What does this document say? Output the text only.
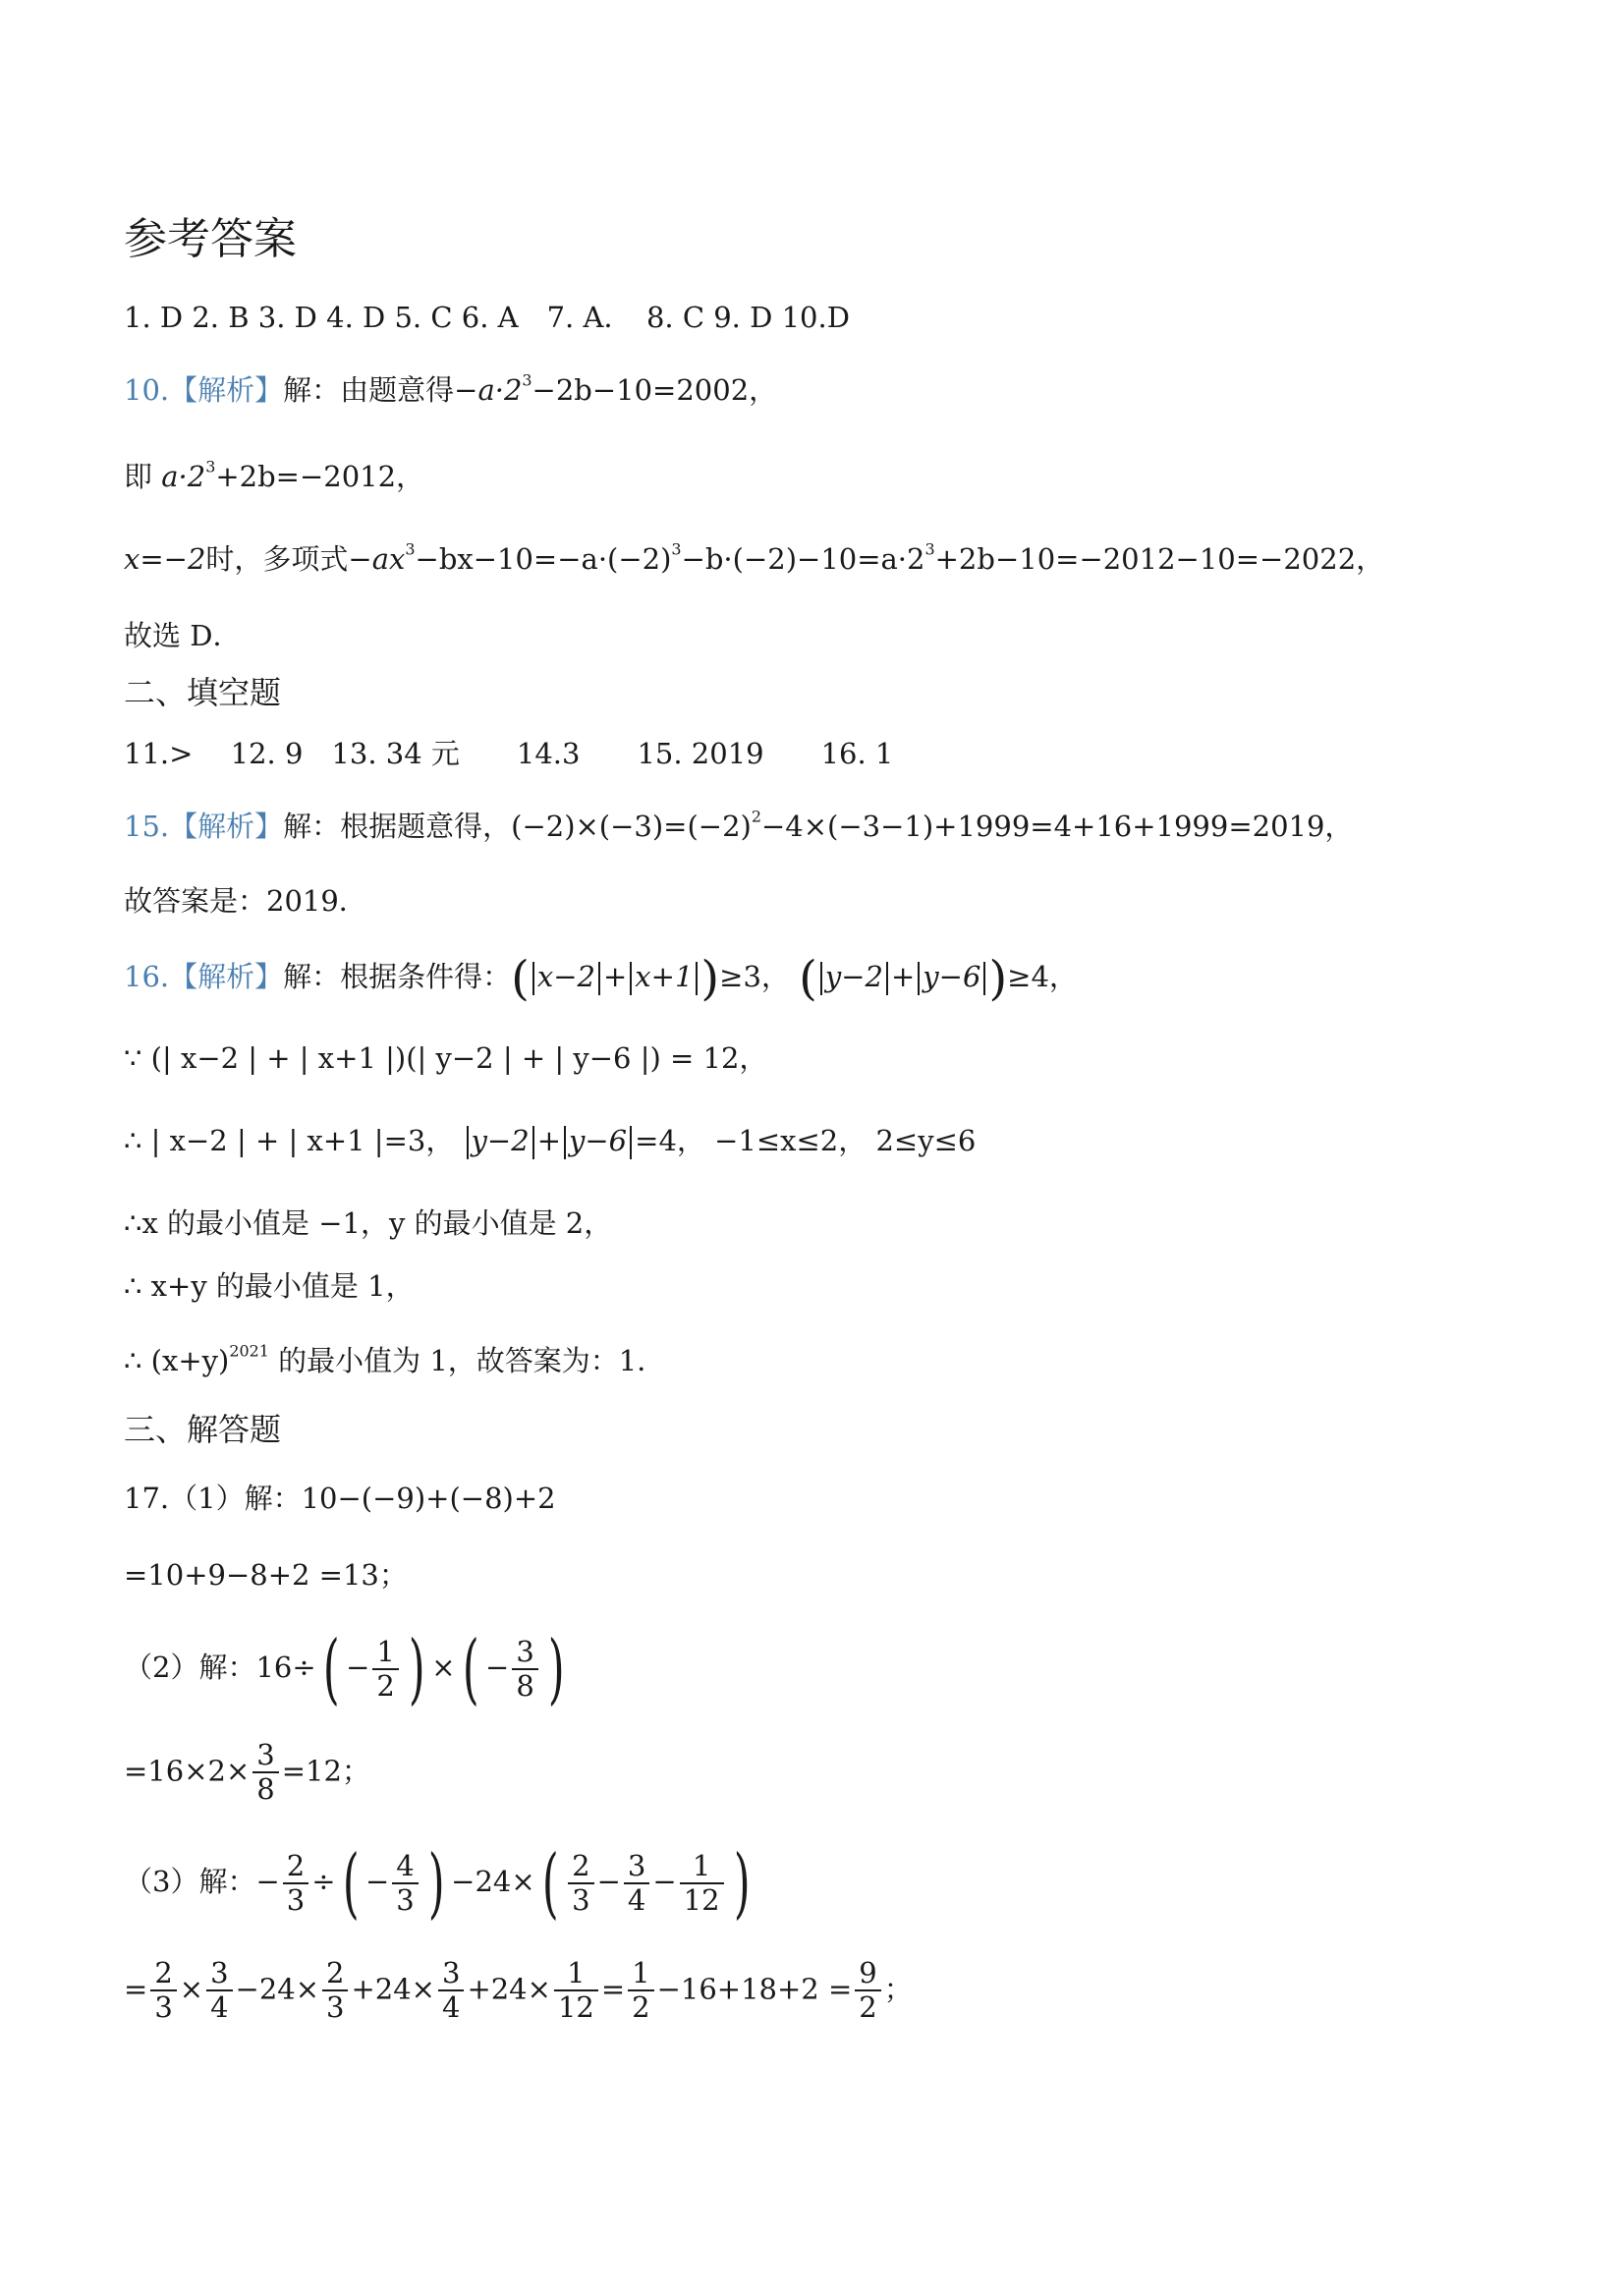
参考答案
1. D 2. B 3. D 4. D 5. C 6. A　7. A．　8. C 9. D 10.D
10.【解析】解：由题意得$-a\cdot 2^3-2b-10=2002$，
即 $a\cdot 2^3+2b=-2012$，
x=−2时，多项式$-ax^3-bx-10=-a\cdot(-2)^3-b\cdot(-2)-10=a\cdot 2^3+2b-10=-2012-10=-2022$，
故选 D．
二、填空题
11.>　 12. 9　13. 34 元　　14.3　　15. 2019　　16. 1
15.【解析】解：根据题意得，$(-2)\times(-3)=(-2)^2-4\times(-3-1)+1999=4+16+1999=2019$，
故答案是：2019．
16.【解析】解：根据条件得：( x−2 + x+1 )≥3， ( y−2 + y−6 )≥4，
∵ (| x−2 | + | x+1 |)(| y−2 | + | y−6 |) = 12，
∴ | x−2 | + | x+1 |=3， y−2 + y−6 =4， −1≤x≤2， 2≤y≤6
∴x 的最小值是 −1，y 的最小值是 2，
∴ x+y 的最小值是 1，
∴ $(x+y)^{2021}$ 的最小值为 1，故答案为：1．
三、解答题
17.（1）解：10−(−9)+(−8)+2
=10+9−8+2 =13；
（2）解：$16\div( - \frac{1}{2}$ ) ×( − $\frac{3}{8}$ )
$=16\times 2\times \frac{3}{8} =12$；
（3）解：− $\frac{2}{3}$ ÷( − $\frac{4}{3}$ ) $-24\times( \frac{2}{3} - \frac{3}{4} - \frac{1}{12}$ )
= $\frac{2}{3} \times \frac{3}{4} -24\times \frac{2}{3} +24\times \frac{3}{4} +24\times \frac{1}{12} = \frac{1}{2} -16+18+2 = \frac{9}{2}$ ；
